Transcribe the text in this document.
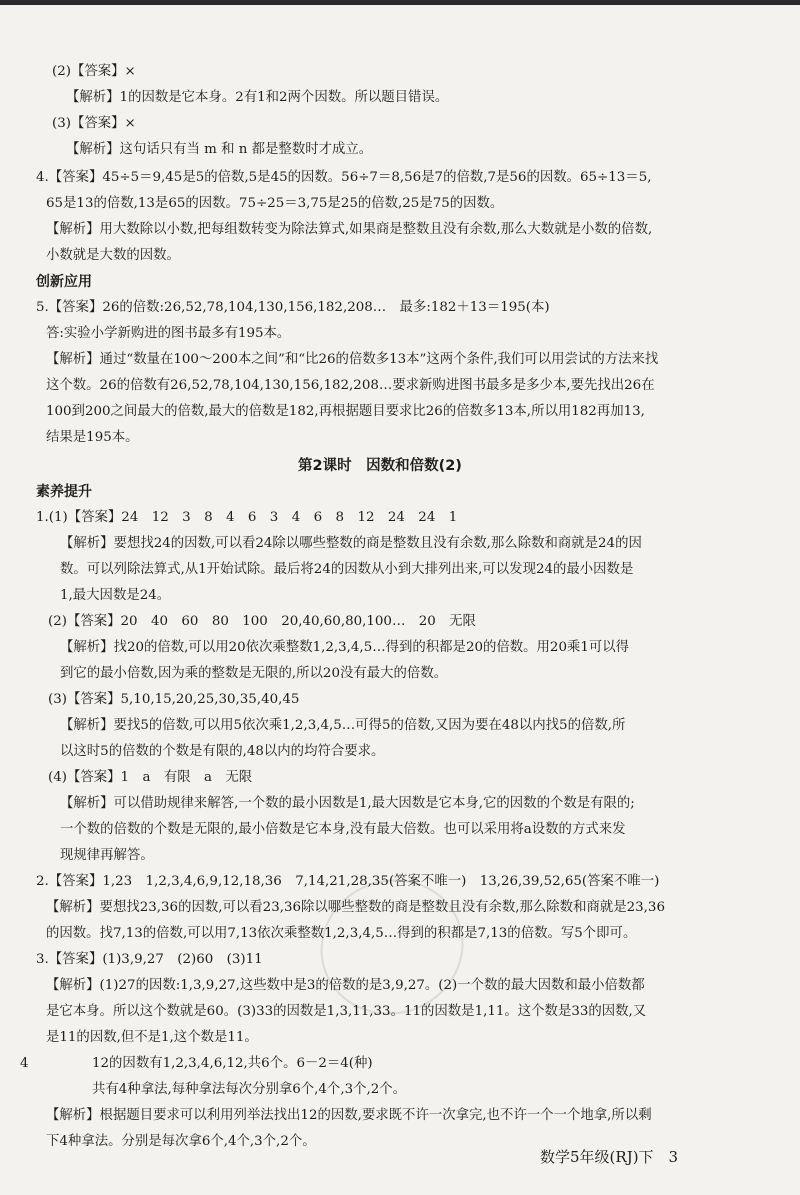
(2)【答案】×
【解析】1的因数是它本身。2有1和2两个因数。所以题目错误。
(3)【答案】×
【解析】这句话只有当 m 和 n 都是整数时才成立。
4.【答案】45÷5＝9,45是5的倍数,5是45的因数。56÷7＝8,56是7的倍数,7是56的因数。65÷13＝5,
65是13的倍数,13是65的因数。75÷25＝3,75是25的倍数,25是75的因数。
【解析】用大数除以小数,把每组数转变为除法算式,如果商是整数且没有余数,那么大数就是小数的倍数,
小数就是大数的因数。
创新应用
5.【答案】26的倍数:26,52,78,104,130,156,182,208…　最多:182＋13＝195(本)
答:实验小学新购进的图书最多有195本。
【解析】通过“数量在100～200本之间”和“比26的倍数多13本”这两个条件,我们可以用尝试的方法来找
这个数。26的倍数有26,52,78,104,130,156,182,208…要求新购进图书最多是多少本,要先找出26在
100到200之间最大的倍数,最大的倍数是182,再根据题目要求比26的倍数多13本,所以用182再加13,
结果是195本。
第2课时　因数和倍数(2)
素养提升
1.(1)【答案】24　12　3　8　4　6　3　4　6　8　12　24　24　1
【解析】要想找24的因数,可以看24除以哪些整数的商是整数且没有余数,那么除数和商就是24的因
数。可以列除法算式,从1开始试除。最后将24的因数从小到大排列出来,可以发现24的最小因数是
1,最大因数是24。
(2)【答案】20　40　60　80　100　20,40,60,80,100…　20　无限
【解析】找20的倍数,可以用20依次乘整数1,2,3,4,5…得到的积都是20的倍数。用20乘1可以得
到它的最小倍数,因为乘的整数是无限的,所以20没有最大的倍数。
(3)【答案】5,10,15,20,25,30,35,40,45
【解析】要找5的倍数,可以用5依次乘1,2,3,4,5…可得5的倍数,又因为要在48以内找5的倍数,所
以这时5的倍数的个数是有限的,48以内的均符合要求。
(4)【答案】1　a　有限　a　无限
【解析】可以借助规律来解答,一个数的最小因数是1,最大因数是它本身,它的因数的个数是有限的;
一个数的倍数的个数是无限的,最小倍数是它本身,没有最大倍数。也可以采用将a设数的方式来发
现规律再解答。
2.【答案】1,23　1,2,3,4,6,9,12,18,36　7,14,21,28,35(答案不唯一)　13,26,39,52,65(答案不唯一)
【解析】要想找23,36的因数,可以看23,36除以哪些整数的商是整数且没有余数,那么除数和商就是23,36
的因数。找7,13的倍数,可以用7,13依次乘整数1,2,3,4,5…得到的积都是7,13的倍数。写5个即可。
3.【答案】(1)3,9,27　(2)60　(3)11
【解析】(1)27的因数:1,3,9,27,这些数中是3的倍数的是3,9,27。(2)一个数的最大因数和最小倍数都
是它本身。所以这个数就是60。(3)33的因数是1,3,11,33。11的因数是1,11。这个数是33的因数,又
是11的因数,但不是1,这个数是11。
4	12的因数有1,2,3,4,6,12,共6个。6－2＝4(种)
共有4种拿法,每种拿法每次分别拿6个,4个,3个,2个。
【解析】根据题目要求可以利用列举法找出12的因数,要求既不许一次拿完,也不许一个一个地拿,所以剩
下4种拿法。分别是每次拿6个,4个,3个,2个。
数学5年级(RJ)下　3
